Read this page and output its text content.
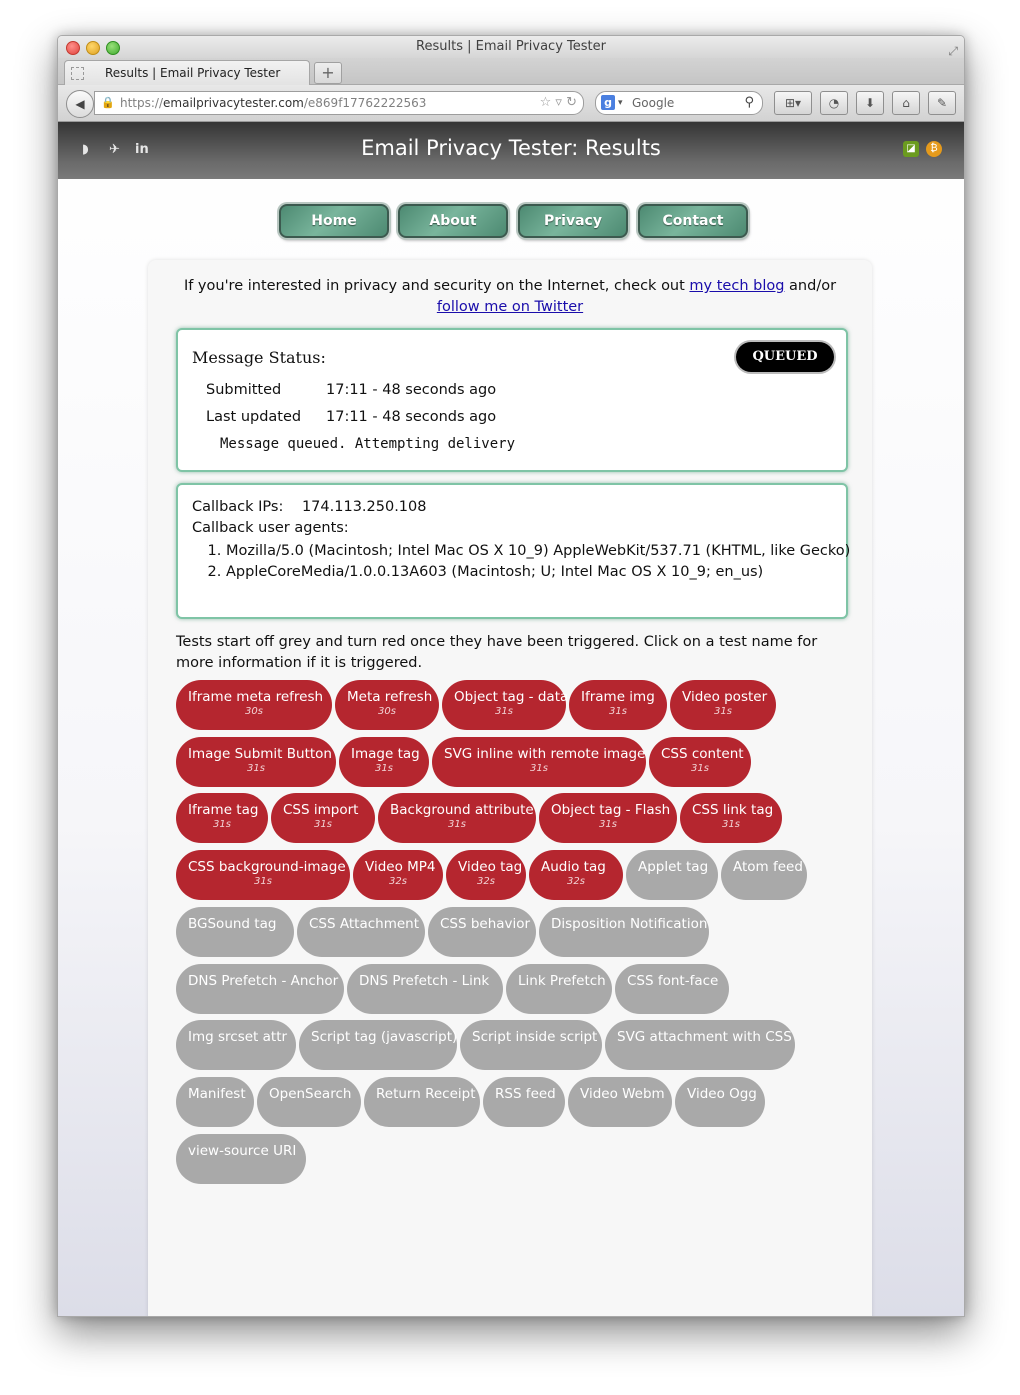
Results | Email Privacy Tester	⤢
Results | Email Privacy Tester	+
◀	🔒 https://emailprivacytester.com/e869f17762222563	☆ ▿ ↻ g ▾ Google	⚲	⊞▾	◔	⬇	⌂	✎
◗ ✈ in	Email Privacy Tester: Results	◪	₿
Home	About	Privacy	Contact
If you're interested in privacy and security on the Internet, check out my tech blog and/or
follow me on Twitter
Message Status:	QUEUED
Submitted	17:11 - 48 seconds ago
Last updated 17:11 - 48 seconds ago
Message queued. Attempting delivery
Callback IPs: 174.113.250.108
Callback user agents:
1. Mozilla/5.0 (Macintosh; Intel Mac OS X 10_9) AppleWebKit/537.71 (KHTML, like Gecko)
2. AppleCoreMedia/1.0.0.13A603 (Macintosh; U; Intel Mac OS X 10_9; en_us)
Tests start off grey and turn red once they have been triggered. Click on a test name for more information if it is triggered.
Iframe meta refresh
30s
Meta refresh
30s
Object tag - data
31s
Iframe img
31s
Video poster
31s
Image Submit Button
31s
Image tag
31s
SVG inline with remote image
31s
CSS content
31s
Iframe tag
31s
CSS import
31s
Background attribute
31s
Object tag - Flash
31s
CSS link tag
31s
CSS background-image
31s
Video MP4
32s
Video tag
32s
Audio tag
32s
Applet tag Atom feed
BGSound tag	CSS Attachment CSS behavior Disposition Notification
DNS Prefetch - Anchor DNS Prefetch - Link Link Prefetch CSS font-face
Img srcset attr Script tag (javascript) Script inside script SVG attachment with CSS
Manifest OpenSearch Return Receipt RSS feed Video Webm Video Ogg
view-source URI
